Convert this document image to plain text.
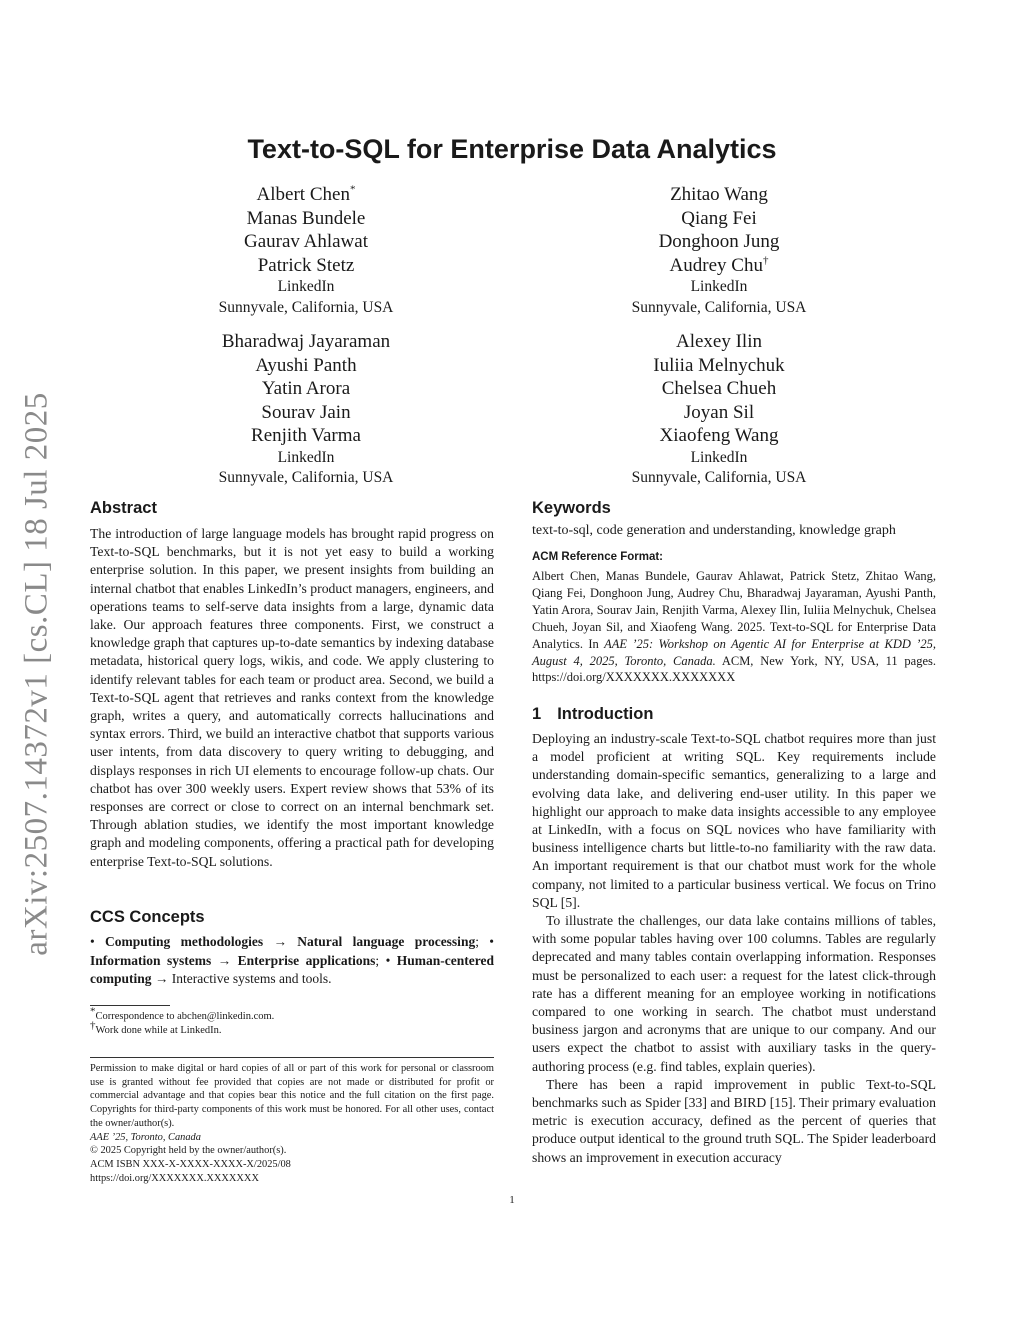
arXiv:2507.14372v1 [cs.CL] 18 Jul 2025
Text-to-SQL for Enterprise Data Analytics
Albert Chen*
Manas Bundele
Gaurav Ahlawat
Patrick Stetz
LinkedIn
Sunnyvale, California, USA
Zhitao Wang
Qiang Fei
Donghoon Jung
Audrey Chu†
LinkedIn
Sunnyvale, California, USA
Bharadwaj Jayaraman
Ayushi Panth
Yatin Arora
Sourav Jain
Renjith Varma
LinkedIn
Sunnyvale, California, USA
Alexey Ilin
Iuliia Melnychuk
Chelsea Chueh
Joyan Sil
Xiaofeng Wang
LinkedIn
Sunnyvale, California, USA
Abstract

The introduction of large language models has brought rapid progress on Text-to-SQL benchmarks, but it is not yet easy to build a working enterprise solution. In this paper, we present insights from building an internal chatbot that enables LinkedIn’s product managers, engineers, and operations teams to self-serve data insights from a large, dynamic data lake. Our approach features three components. First, we construct a knowledge graph that captures up-to-date semantics by indexing database metadata, historical query logs, wikis, and code. We apply clustering to identify relevant tables for each team or product area. Second, we build a Text-to-SQL agent that retrieves and ranks context from the knowledge graph, writes a query, and automatically corrects hallucinations and syntax errors. Third, we build an interactive chatbot that supports various user intents, from data discovery to query writing to debugging, and displays responses in rich UI elements to encourage follow-up chats. Our chatbot has over 300 weekly users. Expert review shows that 53% of its responses are correct or close to correct on an internal benchmark set. Through ablation studies, we identify the most important knowledge graph and modeling components, offering a practical path for developing enterprise Text-to-SQL solutions.

CCS Concepts
• Computing methodologies → Natural language processing; • Information systems → Enterprise applications; • Human-centered computing → Interactive systems and tools.
*Correspondence to abchen@linkedin.com.
†Work done while at LinkedIn.
Permission to make digital or hard copies of all or part of this work for personal or classroom use is granted without fee provided that copies are not made or distributed for profit or commercial advantage and that copies bear this notice and the full citation on the first page. Copyrights for third-party components of this work must be honored. For all other uses, contact the owner/author(s).
AAE ’25, Toronto, Canada
© 2025 Copyright held by the owner/author(s).
ACM ISBN XXX-X-XXXX-XXXX-X/2025/08
https://doi.org/XXXXXXX.XXXXXXX
Keywords
text-to-sql, code generation and understanding, knowledge graph
ACM Reference Format:
Albert Chen, Manas Bundele, Gaurav Ahlawat, Patrick Stetz, Zhitao Wang, Qiang Fei, Donghoon Jung, Audrey Chu, Bharadwaj Jayaraman, Ayushi Panth, Yatin Arora, Sourav Jain, Renjith Varma, Alexey Ilin, Iuliia Melnychuk, Chelsea Chueh, Joyan Sil, and Xiaofeng Wang. 2025. Text-to-SQL for Enterprise Data Analytics. In AAE ’25: Workshop on Agentic AI for Enterprise at KDD ’25, August 4, 2025, Toronto, Canada. ACM, New York, NY, USA, 11 pages. https://doi.org/XXXXXXX.XXXXXXX
1 Introduction

Deploying an industry-scale Text-to-SQL chatbot requires more than just a model proficient at writing SQL. Key requirements include understanding domain-specific semantics, generalizing to a large and evolving data lake, and delivering end-user utility. In this paper we highlight our approach to make data insights accessible to any employee at LinkedIn, with a focus on SQL novices who have familiarity with business intelligence charts but little-to-no familiarity with the raw data. An important requirement is that our chatbot must work for the whole company, not limited to a particular business vertical. We focus on Trino SQL [5].

To illustrate the challenges, our data lake contains millions of tables, with some popular tables having over 100 columns. Tables are regularly deprecated and many tables contain overlapping information. Responses must be personalized to each user: a request for the latest click-through rate has a different meaning for an employee working in notifications compared to one working in search. The chatbot must understand business jargon and acronyms that are unique to our company. And our users expect the chatbot to assist with auxiliary tasks in the query-authoring process (e.g. find tables, explain queries).

There has been a rapid improvement in public Text-to-SQL benchmarks such as Spider [33] and BIRD [15]. Their primary evaluation metric is execution accuracy, defined as the percent of queries that produce output identical to the ground truth SQL. The Spider leaderboard shows an improvement in execution accuracy

1
